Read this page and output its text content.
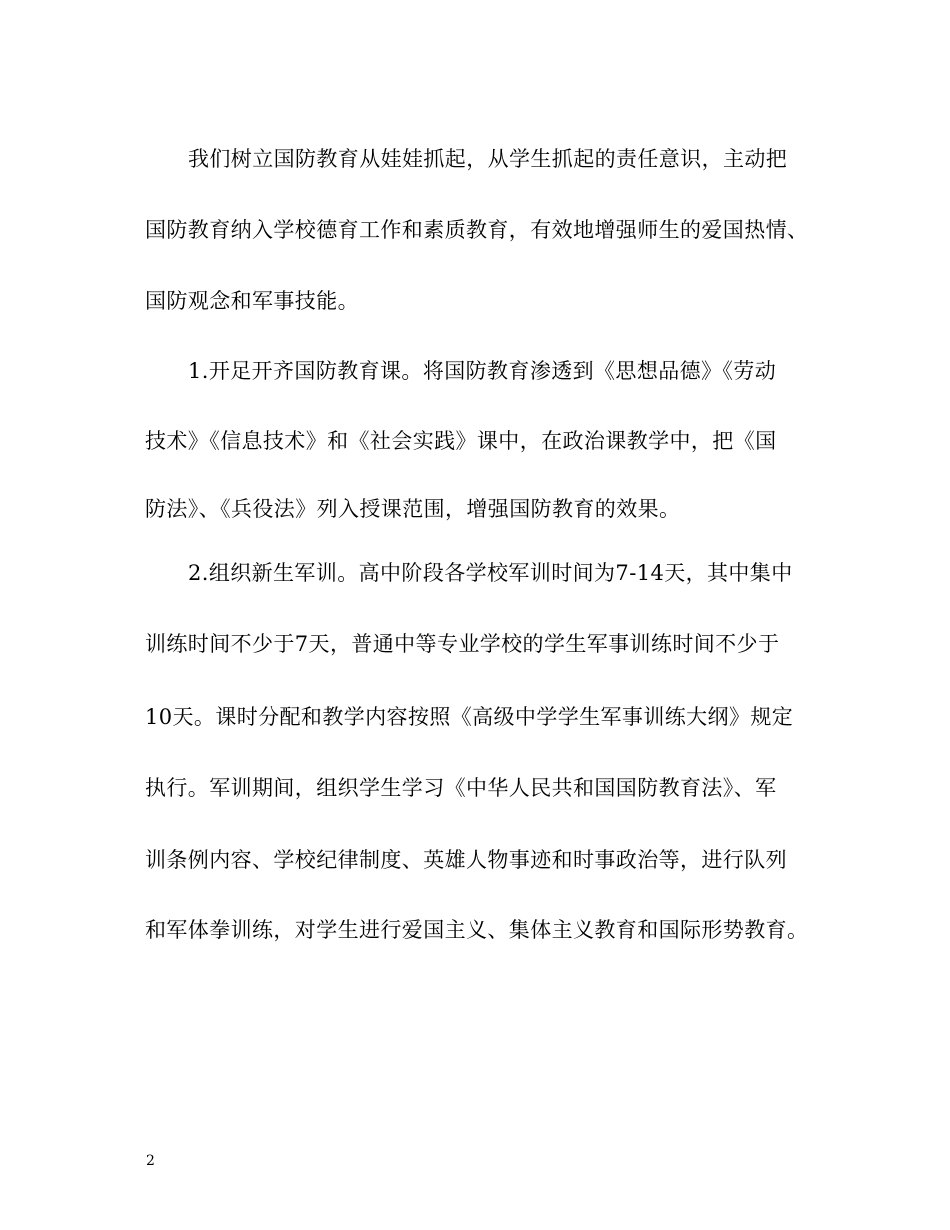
我们树立国防教育从娃娃抓起，从学生抓起的责任意识，主动把
国防教育纳入学校德育工作和素质教育，有效地增强师生的爱国热情、
国防观念和军事技能。
1.开足开齐国防教育课。将国防教育渗透到《思想品德》《劳动
技术》《信息技术》和《社会实践》课中，在政治课教学中，把《国
防法》、《兵役法》列入授课范围，增强国防教育的效果。
2.组织新生军训。高中阶段各学校军训时间为7-14天，其中集中
训练时间不少于7天，普通中等专业学校的学生军事训练时间不少于
10天。课时分配和教学内容按照《高级中学学生军事训练大纲》规定
执行。军训期间，组织学生学习《中华人民共和国国防教育法》、军
训条例内容、学校纪律制度、英雄人物事迹和时事政治等，进行队列
和军体拳训练，对学生进行爱国主义、集体主义教育和国际形势教育。
2
